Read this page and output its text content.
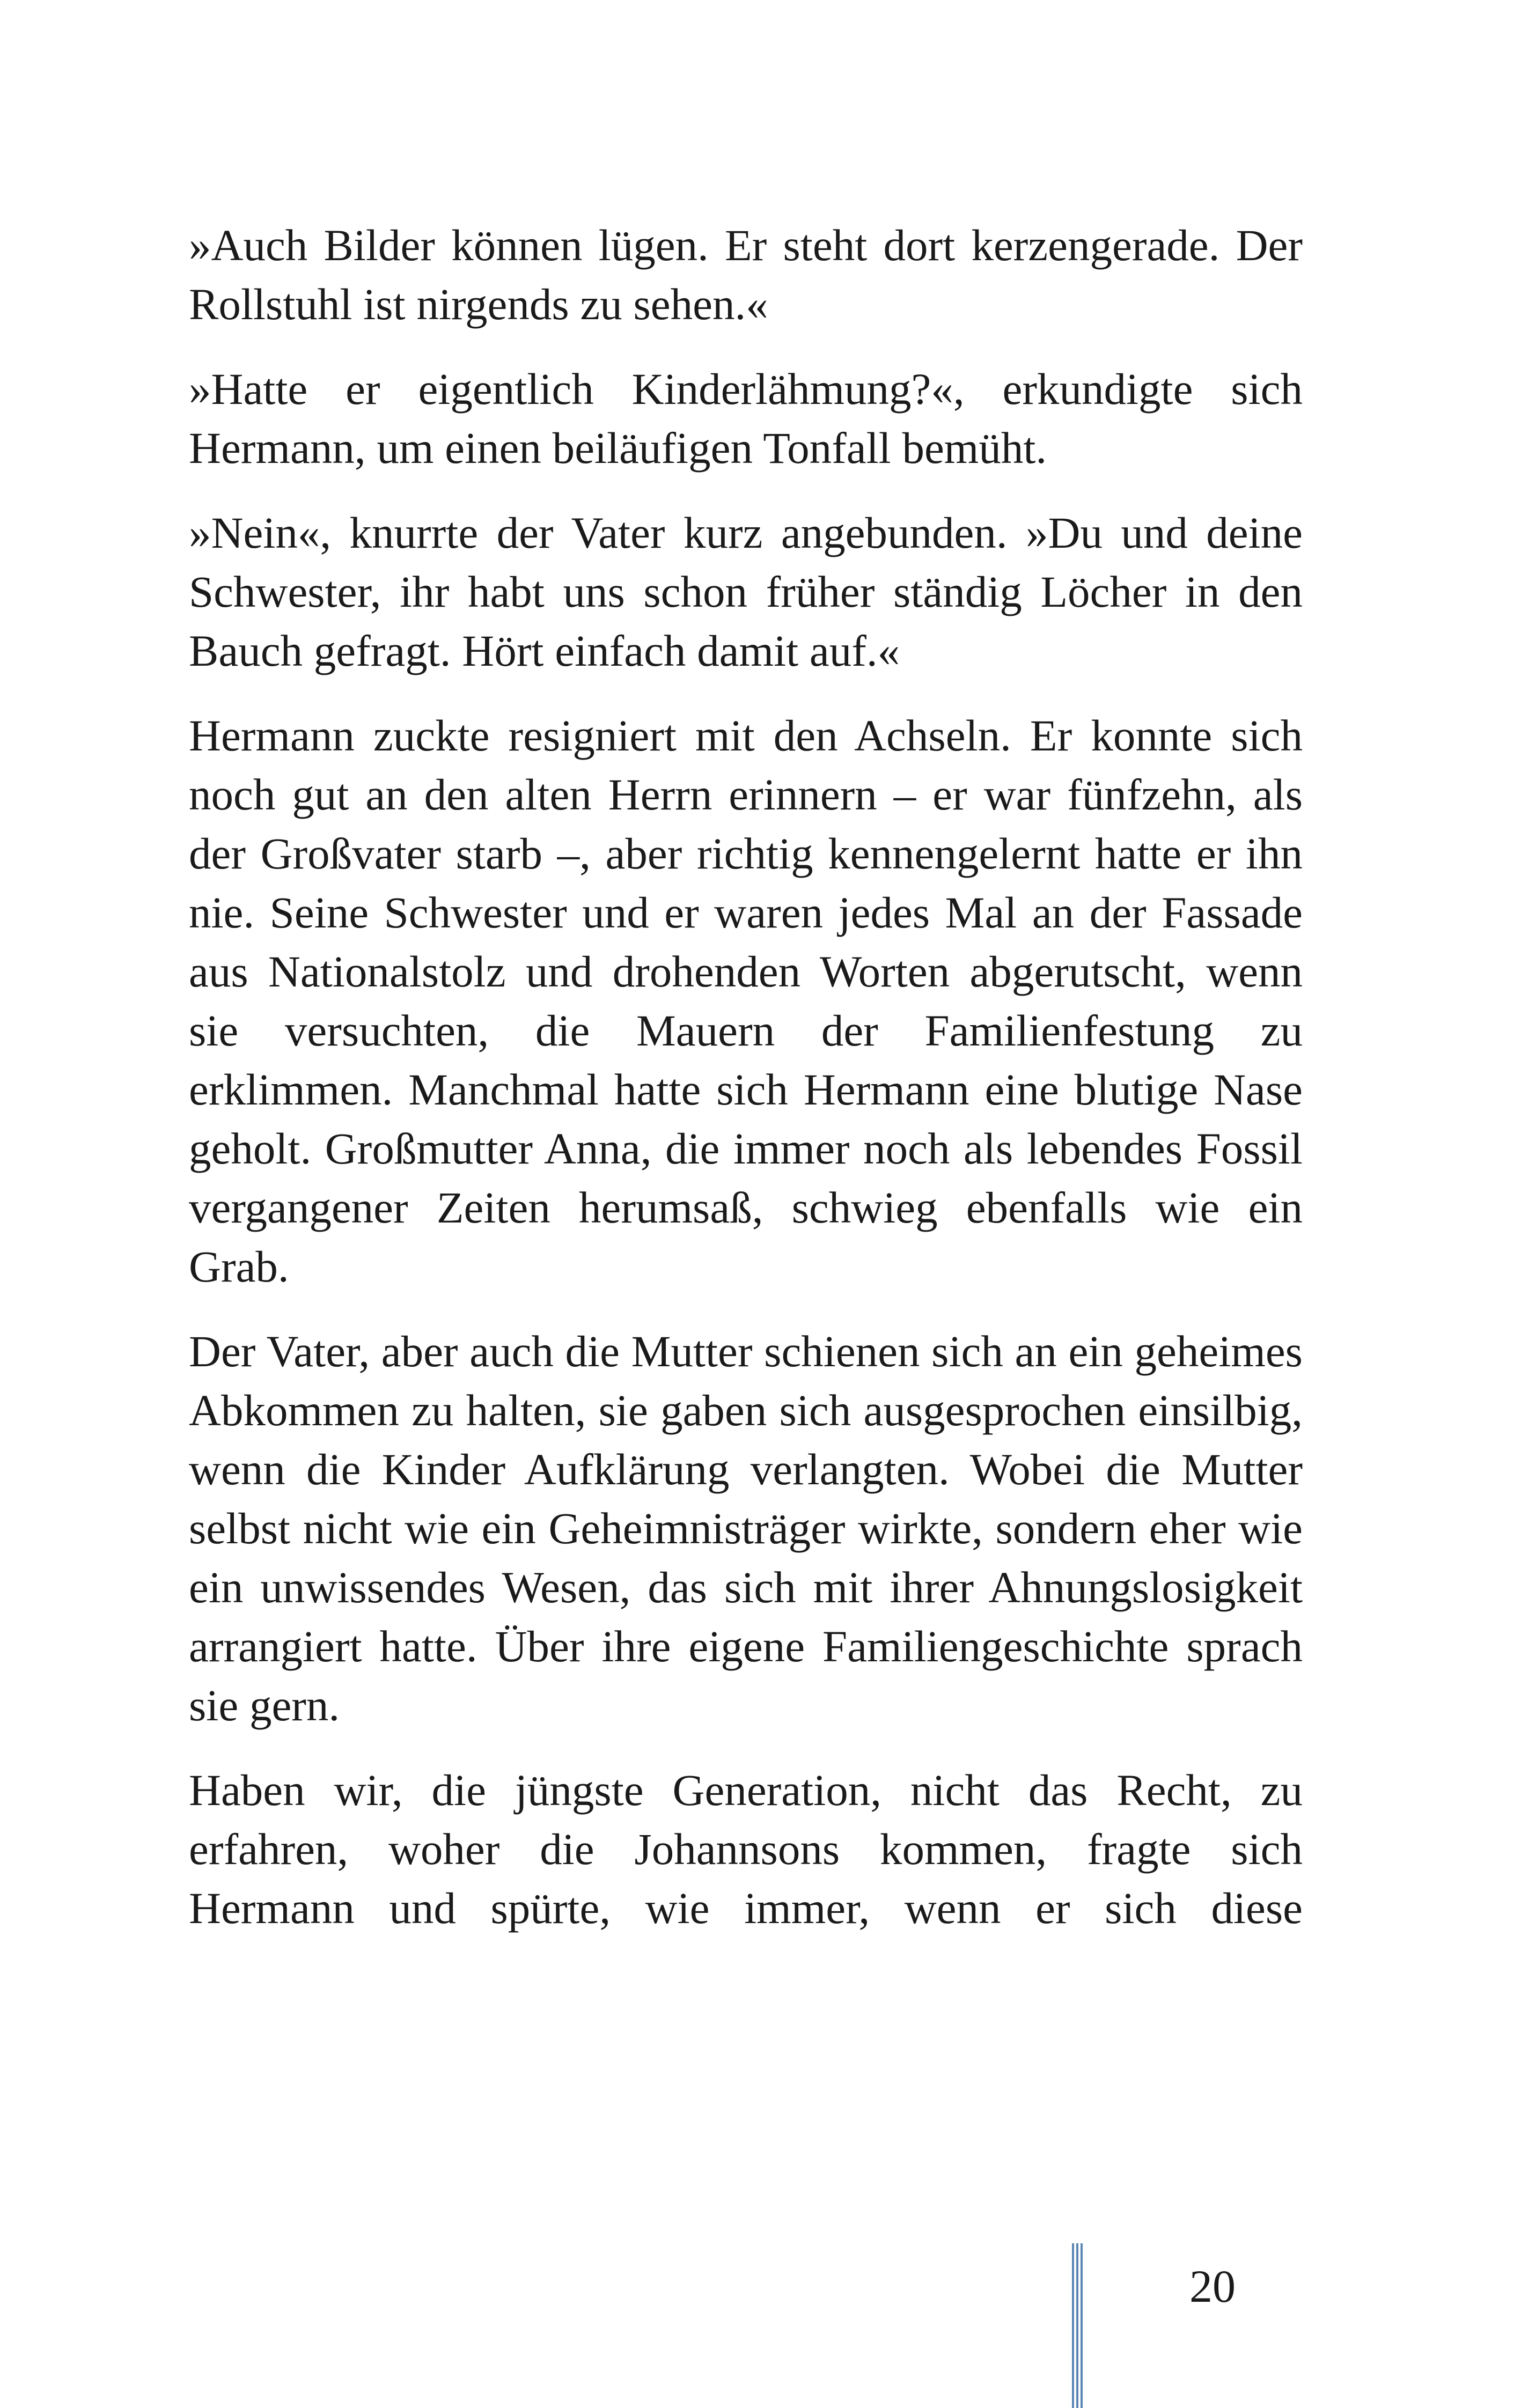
»Auch Bilder können lügen. Er steht dort kerzengerade. Der Rollstuhl ist nirgends zu sehen.«

»Hatte er eigentlich Kinderlähmung?«, erkundigte sich Hermann, um einen beiläufigen Tonfall bemüht.

»Nein«, knurrte der Vater kurz angebunden. »Du und deine Schwester, ihr habt uns schon früher ständig Löcher in den Bauch gefragt. Hört einfach damit auf.«

Hermann zuckte resigniert mit den Achseln. Er konnte sich noch gut an den alten Herrn erinnern – er war fünfzehn, als der Großvater starb –, aber richtig kennengelernt hatte er ihn nie. Seine Schwester und er waren jedes Mal an der Fassade aus Nationalstolz und drohenden Worten abgerutscht, wenn sie versuchten, die Mauern der Familienfestung zu erklimmen. Manchmal hatte sich Hermann eine blutige Nase geholt. Großmutter Anna, die immer noch als lebendes Fossil vergangener Zeiten herumsaß, schwieg ebenfalls wie ein Grab.

Der Vater, aber auch die Mutter schienen sich an ein geheimes Abkommen zu halten, sie gaben sich ausgesprochen einsilbig, wenn die Kinder Aufklärung verlangten. Wobei die Mutter selbst nicht wie ein Geheimnisträger wirkte, sondern eher wie ein unwissendes Wesen, das sich mit ihrer Ahnungslosigkeit arrangiert hatte. Über ihre eigene Familiengeschichte sprach sie gern.

Haben wir, die jüngste Generation, nicht das Recht, zu erfahren, woher die Johannsons kommen, fragte sich Hermann und spürte, wie immer, wenn er sich diese

20
